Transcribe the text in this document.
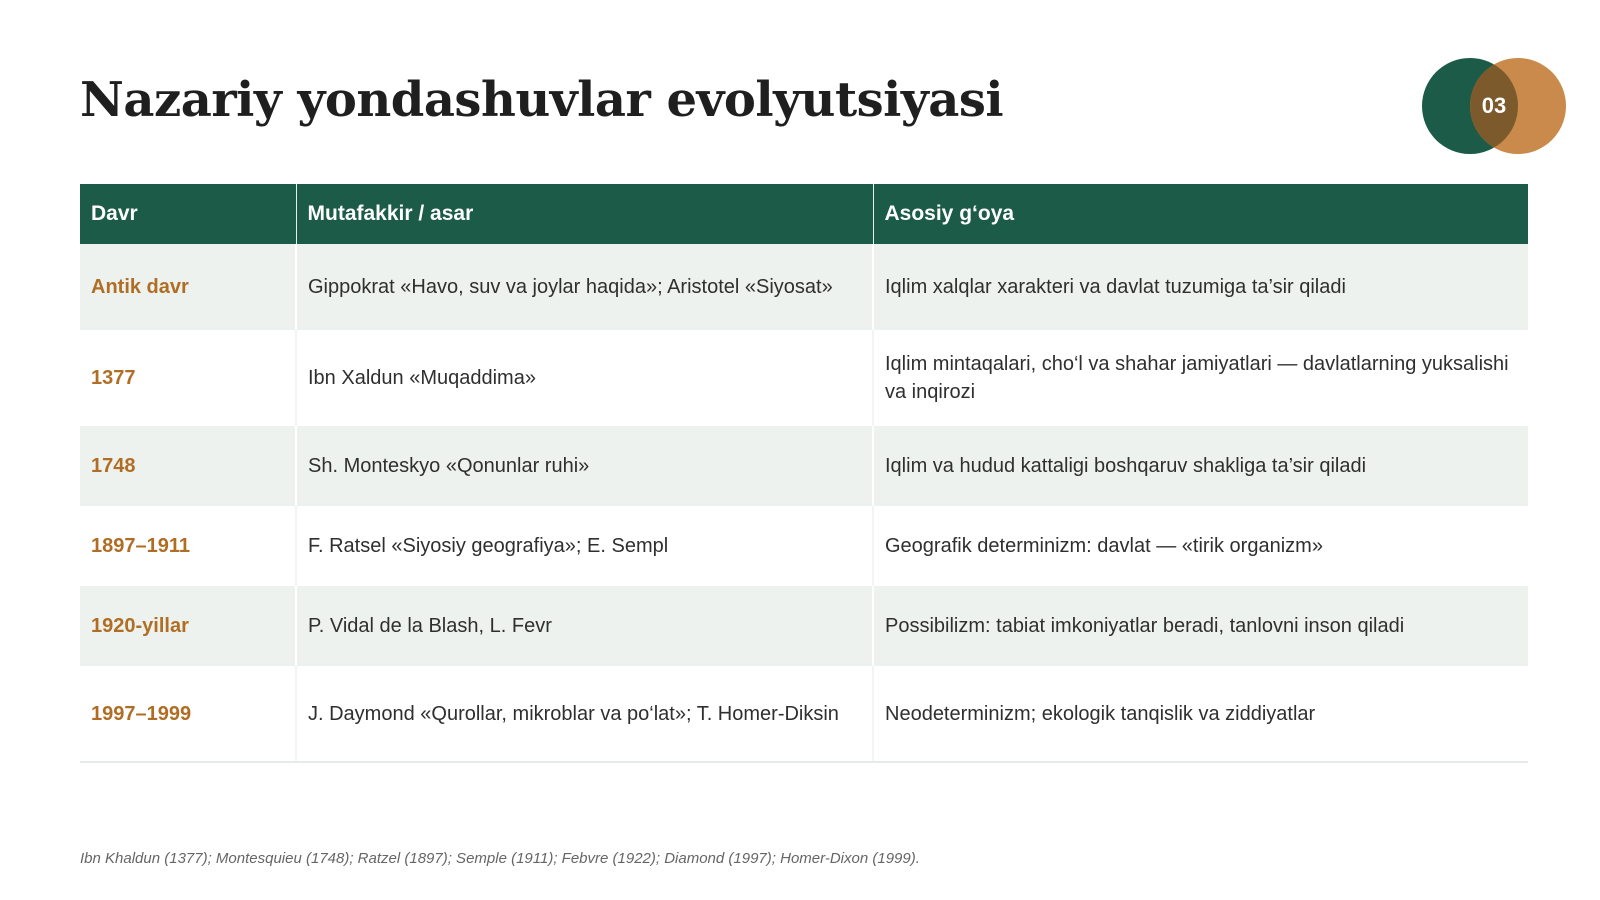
Nazariy yondashuvlar evolyutsiyasi	03
Davr	Mutafakkir / asar	Asosiy g‘oya
Antik davr	Gippokrat «Havo, suv va joylar haqida»; Aristotel «Siyosat»	Iqlim xalqlar xarakteri va davlat tuzumiga ta’sir qiladi
1377	Ibn Xaldun «Muqaddima»	Iqlim mintaqalari, cho‘l va shahar jamiyatlari — davlatlarning yuksalishi va inqirozi
1748	Sh. Monteskyo «Qonunlar ruhi»	Iqlim va hudud kattaligi boshqaruv shakliga ta’sir qiladi
1897–1911	F. Ratsel «Siyosiy geografiya»; E. Sempl	Geografik determinizm: davlat — «tirik organizm»
1920-yillar	P. Vidal de la Blash, L. Fevr	Possibilizm: tabiat imkoniyatlar beradi, tanlovni inson qiladi
1997–1999	J. Daymond «Qurollar, mikroblar va po‘lat»; T. Homer-Diksin	Neodeterminizm; ekologik tanqislik va ziddiyatlar
Ibn Khaldun (1377); Montesquieu (1748); Ratzel (1897); Semple (1911); Febvre (1922); Diamond (1997); Homer-Dixon (1999).
